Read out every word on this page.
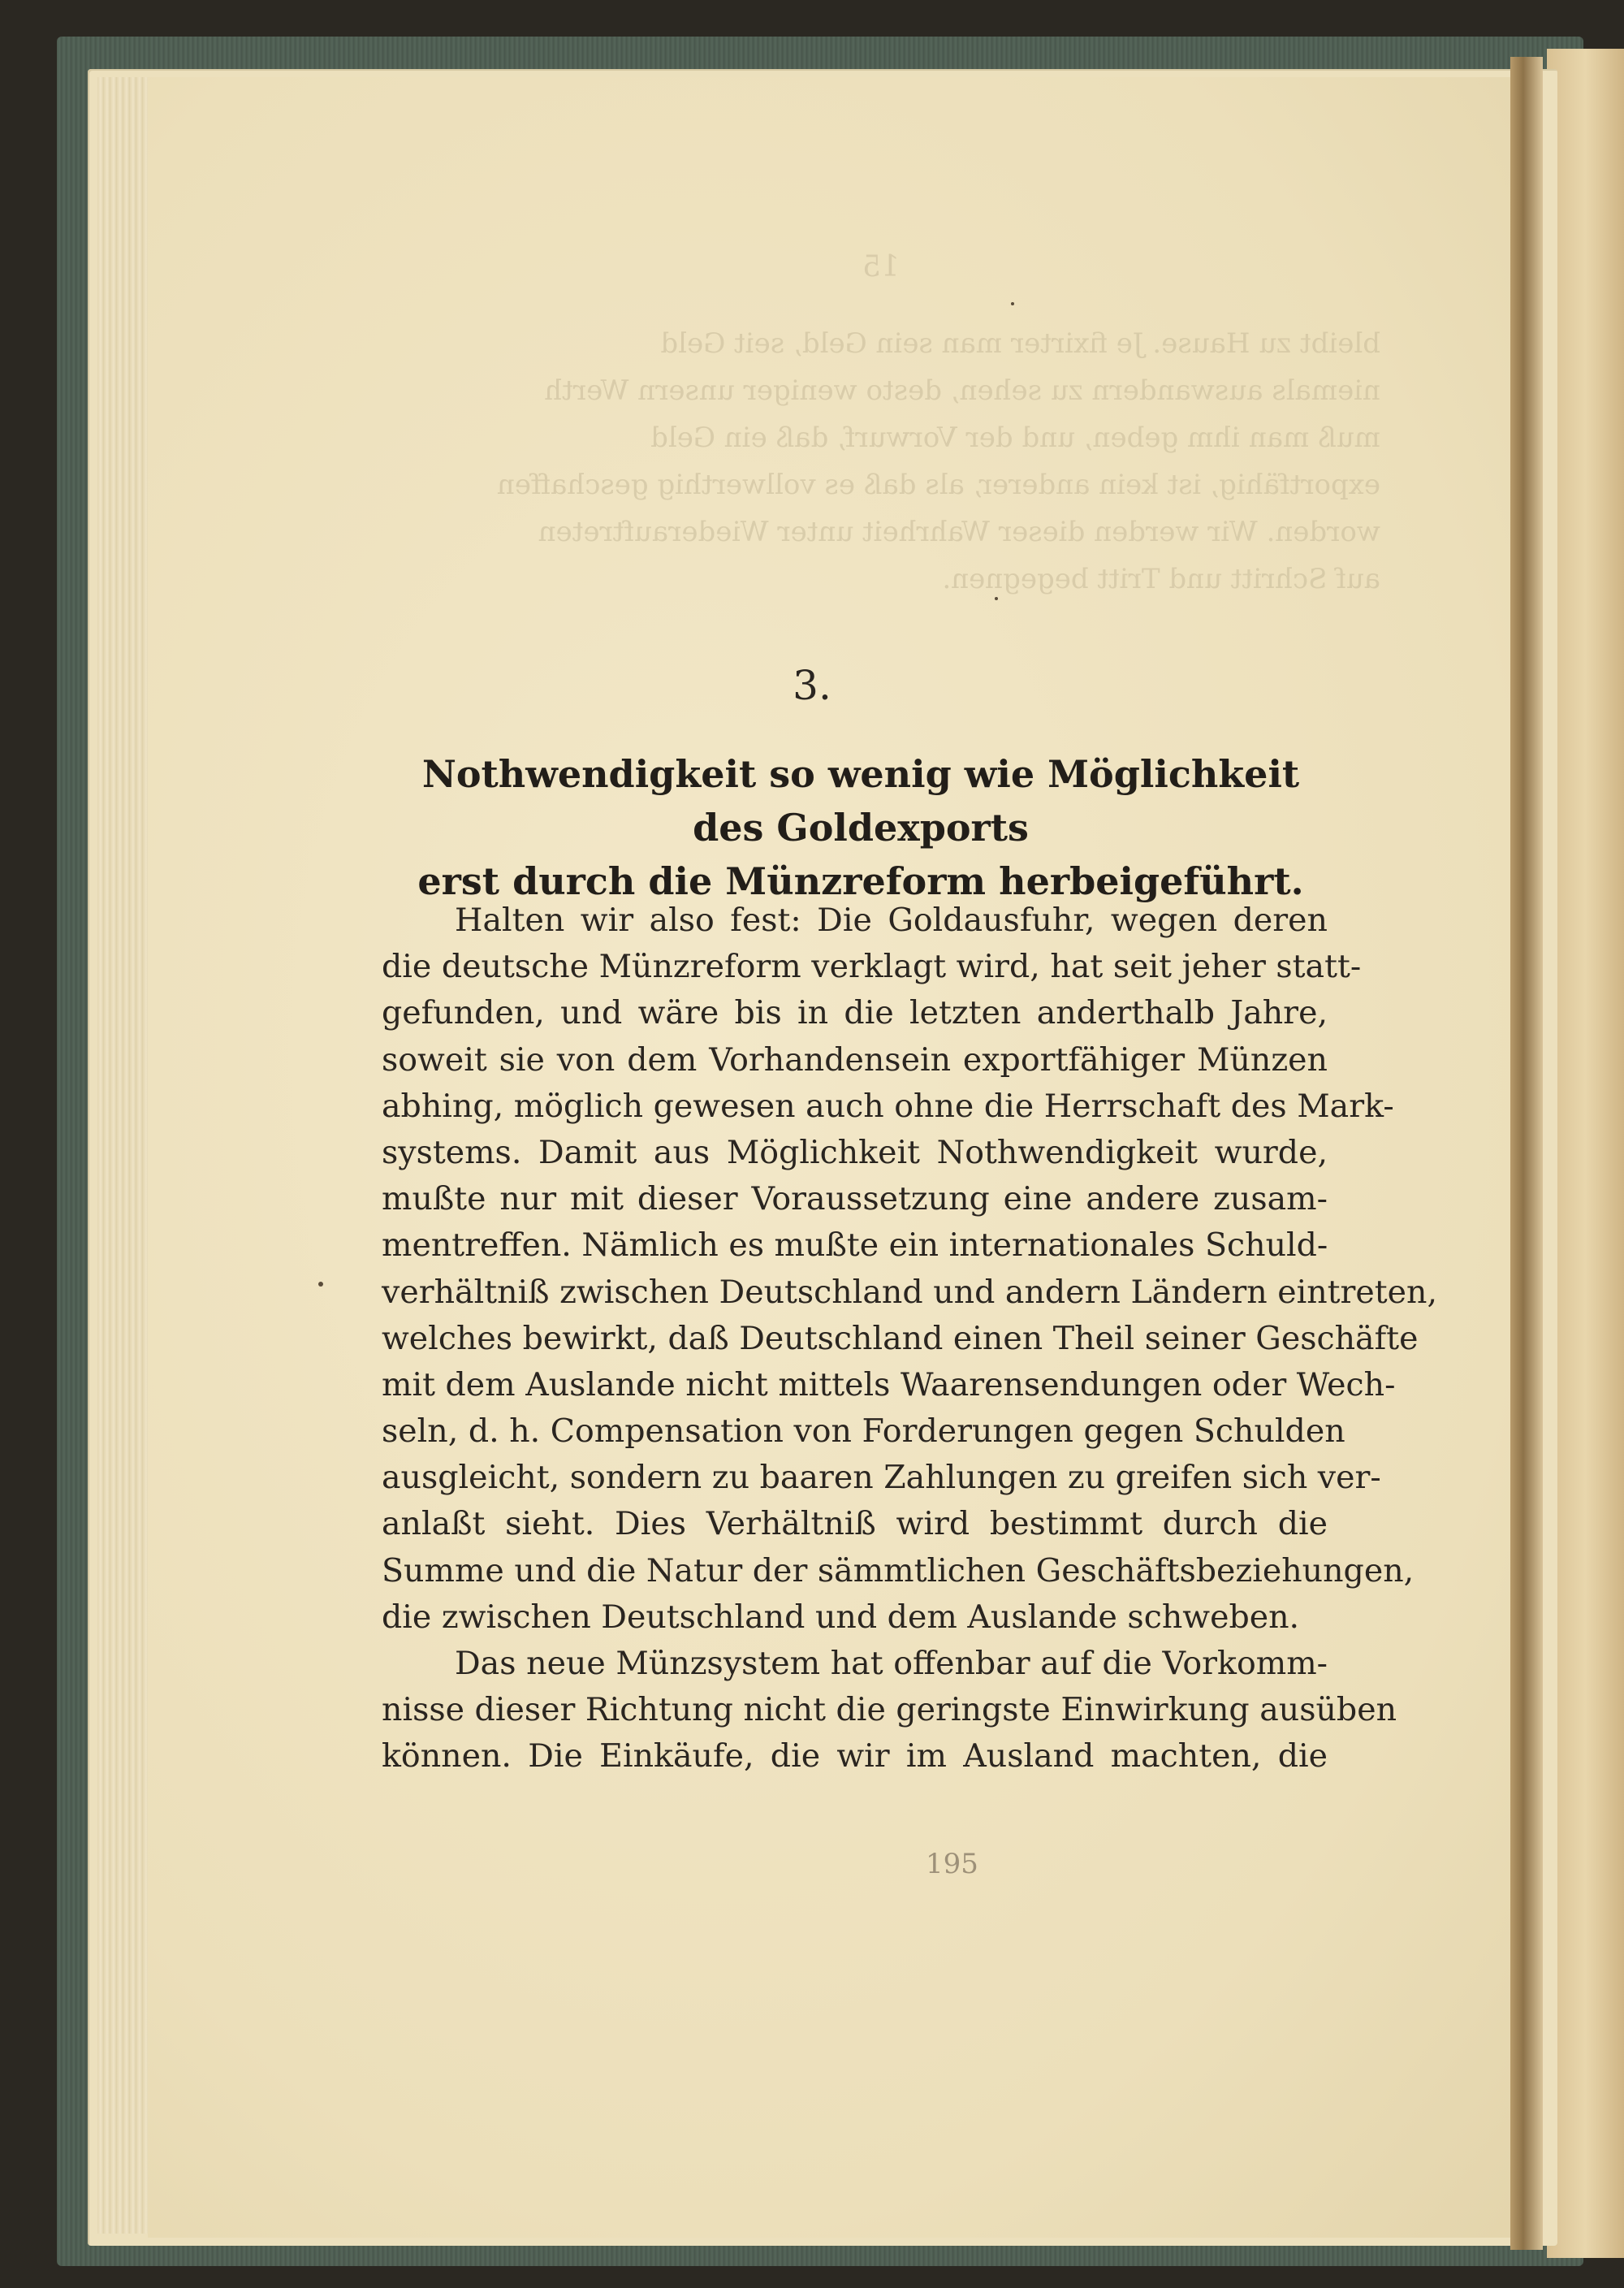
15
bleibt zu Hause. Je fixirter man sein Geld, seit Geld
niemals auswandern zu sehen, desto weniger unsern Werth
muß man ihm geben, und der Vorwurf, daß ein Geld
exportfähig, ist kein anderer, als daß es vollwerthig geschaffen
worden. Wir werden dieser Wahrheit unter Wiederauftreten
auf Schritt und Tritt begegnen.
3.
Nothwendigkeit so wenig wie Möglichkeit des Goldexports
erst durch die Münzreform herbeigeführt.
Halten wir also fest: Die Goldausfuhr, wegen deren
die deutsche Münzreform verklagt wird, hat seit jeher statt-
gefunden, und wäre bis in die letzten anderthalb Jahre,
soweit sie von dem Vorhandensein exportfähiger Münzen
abhing, möglich gewesen auch ohne die Herrschaft des Mark-
systems. Damit aus Möglichkeit Nothwendigkeit wurde,
mußte nur mit dieser Voraussetzung eine andere zusam-
mentreffen. Nämlich es mußte ein internationales Schuld-
verhältniß zwischen Deutschland und andern Ländern eintreten,
welches bewirkt, daß Deutschland einen Theil seiner Geschäfte
mit dem Auslande nicht mittels Waarensendungen oder Wech-
seln, d. h. Compensation von Forderungen gegen Schulden
ausgleicht, sondern zu baaren Zahlungen zu greifen sich ver-
anlaßt sieht. Dies Verhältniß wird bestimmt durch die
Summe und die Natur der sämmtlichen Geschäftsbeziehungen,
die zwischen Deutschland und dem Auslande schweben.
Das neue Münzsystem hat offenbar auf die Vorkomm-
nisse dieser Richtung nicht die geringste Einwirkung ausüben
können. Die Einkäufe, die wir im Ausland machten, die
195
